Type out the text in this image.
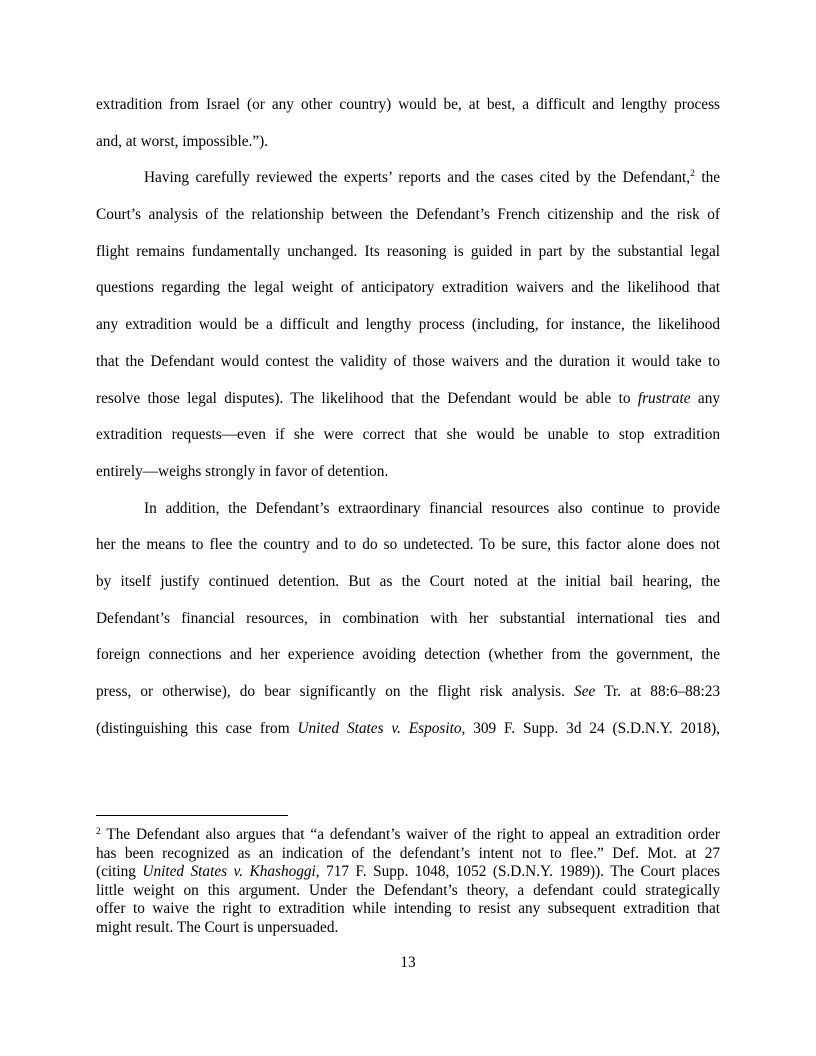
extradition from Israel (or any other country) would be, at best, a difficult and lengthy process
and, at worst, impossible.”).
Having carefully reviewed the experts’ reports and the cases cited by the Defendant,$^2$ the
Court’s analysis of the relationship between the Defendant’s French citizenship and the risk of
flight remains fundamentally unchanged. Its reasoning is guided in part by the substantial legal
questions regarding the legal weight of anticipatory extradition waivers and the likelihood that
any extradition would be a difficult and lengthy process (including, for instance, the likelihood
that the Defendant would contest the validity of those waivers and the duration it would take to
resolve those legal disputes). The likelihood that the Defendant would be able to frustrate any
extradition requests—even if she were correct that she would be unable to stop extradition
entirely—weighs strongly in favor of detention.
In addition, the Defendant’s extraordinary financial resources also continue to provide
her the means to flee the country and to do so undetected. To be sure, this factor alone does not
by itself justify continued detention. But as the Court noted at the initial bail hearing, the
Defendant’s financial resources, in combination with her substantial international ties and
foreign connections and her experience avoiding detection (whether from the government, the
press, or otherwise), do bear significantly on the flight risk analysis. See Tr. at 88:6–88:23
(distinguishing this case from United States v. Esposito, 309 F. Supp. 3d 24 (S.D.N.Y. 2018),
$^2$ The Defendant also argues that “a defendant’s waiver of the right to appeal an extradition order
has been recognized as an indication of the defendant’s intent not to flee.” Def. Mot. at 27
(citing United States v. Khashoggi, 717 F. Supp. 1048, 1052 (S.D.N.Y. 1989)). The Court places
little weight on this argument. Under the Defendant’s theory, a defendant could strategically
offer to waive the right to extradition while intending to resist any subsequent extradition that
might result. The Court is unpersuaded.
13
